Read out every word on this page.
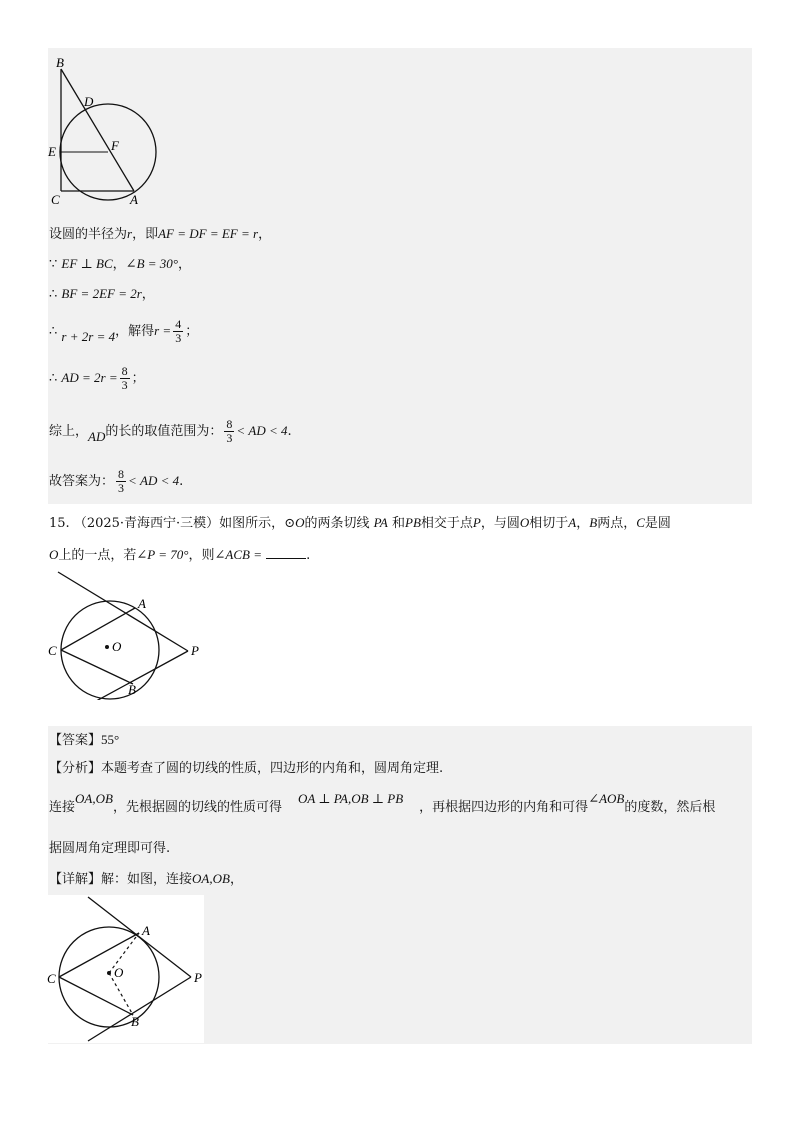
B
D
E	F
C	A
设圆的半径为r，即AF = DF = EF = r，
∵ EF ⊥ BC，∠B = 30°，
∴ BF = 2EF = 2r，
∴ r + 2r = 4，解得$r = \frac{4}{3}$ ；
∴ AD = $2r = \frac{8}{3}$ ；
综上，AD的长的取值范围为： $\frac{8}{3}$ < AD < 4.
故答案为： $\frac{8}{3}$ < AD < 4.
15. （2025·青海西宁·三模）如图所示，⊙O的两条切线 PA 和PB相交于点P，与圆O相切于A，B两点，C是圆
O上的一点，若∠P = 70°，则∠ACB =	.
A
O
C	P
B
【答案】55°
【分析】本题考查了圆的切线的性质，四边形的内角和，圆周角定理.
连接OA,OB，先根据圆的切线的性质可得OA ⊥ PA,OB ⊥ PB，再根据四边形的内角和可得∠AOB的度数，然后根
据圆周角定理即可得.
【详解】解：如图，连接OA,OB，
A
O
C	P
B
